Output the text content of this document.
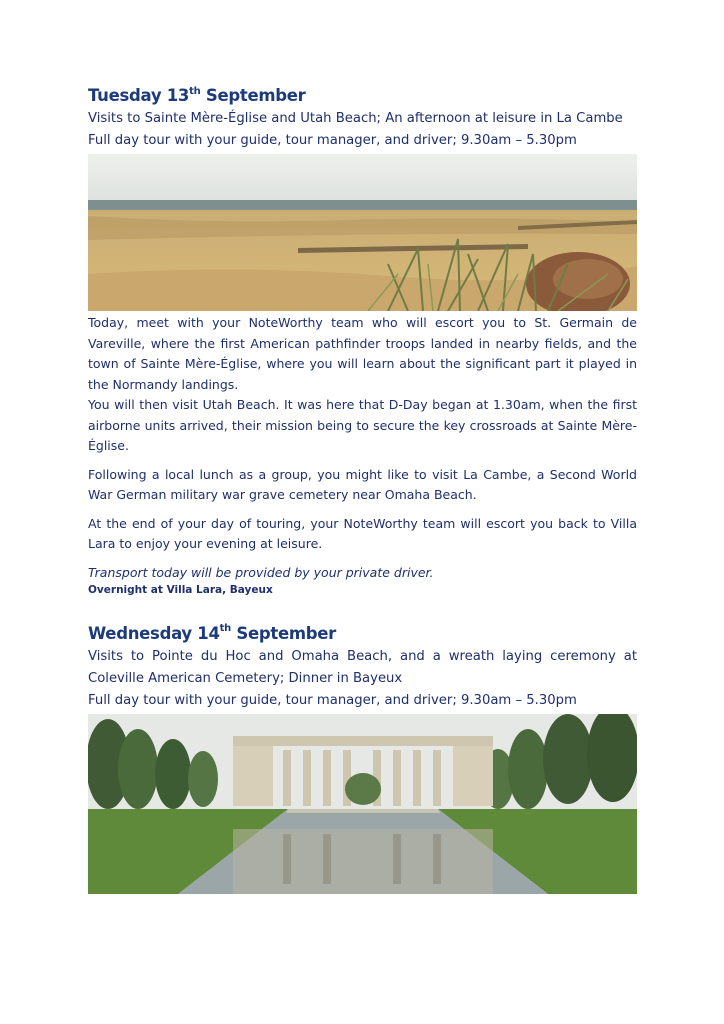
Tuesday 13th September

Visits to Sainte Mère-Église and Utah Beach; An afternoon at leisure in La Cambe

Full day tour with your guide, tour manager, and driver; 9.30am – 5.30pm

Today, meet with your NoteWorthy team who will escort you to St. Germain de Vareville, where the first American pathfinder troops landed in nearby fields, and the town of Sainte Mère-Église, where you will learn about the significant part it played in the Normandy landings.

You will then visit Utah Beach. It was here that D-Day began at 1.30am, when the first airborne units arrived, their mission being to secure the key crossroads at Sainte Mère-Église.

Following a local lunch as a group, you might like to visit La Cambe, a Second World War German military war grave cemetery near Omaha Beach.

At the end of your day of touring, your NoteWorthy team will escort you back to Villa Lara to enjoy your evening at leisure.

Transport today will be provided by your private driver.

Overnight at Villa Lara, Bayeux

Wednesday 14th September

Visits to Pointe du Hoc and Omaha Beach, and a wreath laying ceremony at Coleville American Cemetery; Dinner in Bayeux

Full day tour with your guide, tour manager, and driver; 9.30am – 5.30pm
